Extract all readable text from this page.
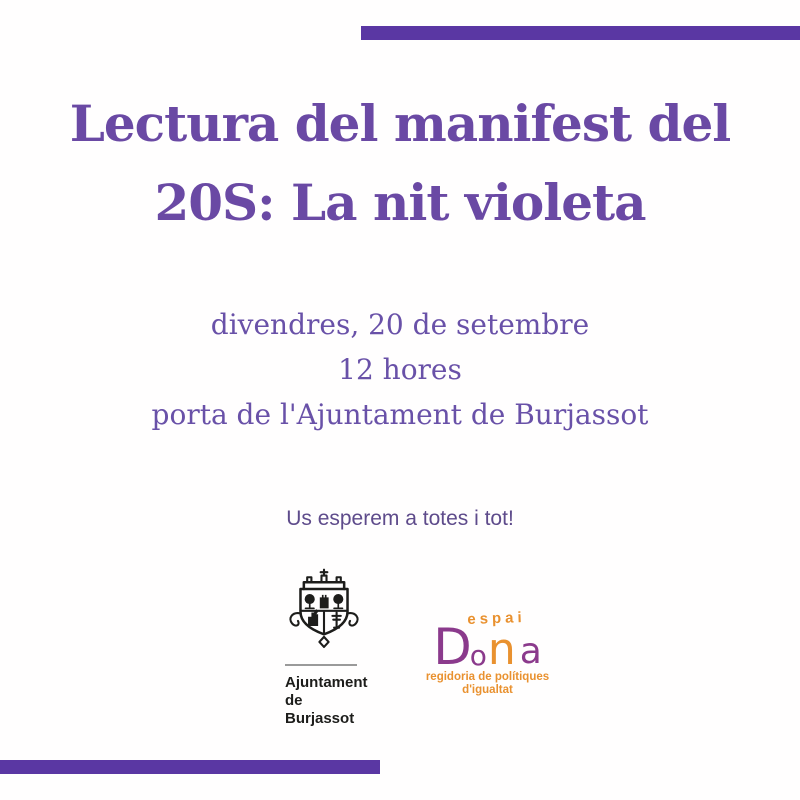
Lectura del manifest del
20S: La nit violeta
divendres, 20 de setembre
12 hores
porta de l'Ajuntament de Burjassot
Us esperem a totes i tot!
Ajuntament
de Burjassot
espai
D
o n a
regidoria de polítiques
d'igualtat
